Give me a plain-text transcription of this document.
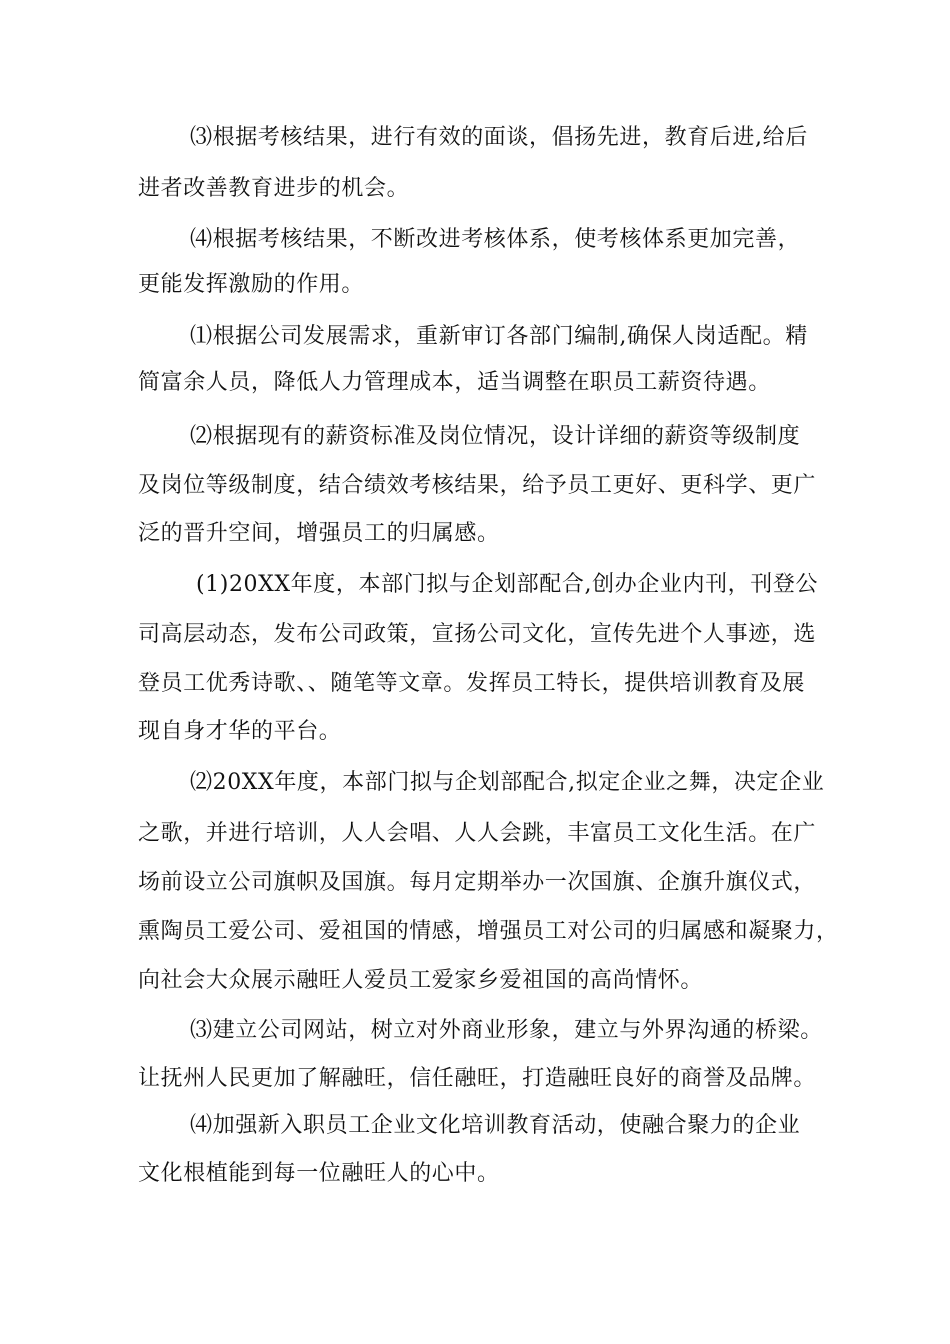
⑶根据考核结果，进行有效的面谈，倡扬先进，教育后进,给后
进者改善教育进步的机会。
⑷根据考核结果，不断改进考核体系，使考核体系更加完善，
更能发挥激励的作用。
⑴根据公司发展需求，重新审订各部门编制,确保人岗适配。精
简富余人员，降低人力管理成本，适当调整在职员工薪资待遇。
⑵根据现有的薪资标准及岗位情况，设计详细的薪资等级制度
及岗位等级制度，结合绩效考核结果，给予员工更好、更科学、更广
泛的晋升空间，增强员工的归属感。
(1)20XX年度，本部门拟与企划部配合,创办企业内刊，刊登公
司高层动态，发布公司政策，宣扬公司文化，宣传先进个人事迹，选
登员工优秀诗歌、、随笔等文章。发挥员工特长，提供培训教育及展
现自身才华的平台。
⑵20XX年度，本部门拟与企划部配合,拟定企业之舞，决定企业
之歌，并进行培训，人人会唱、人人会跳，丰富员工文化生活。在广
场前设立公司旗帜及国旗。每月定期举办一次国旗、企旗升旗仪式，
熏陶员工爱公司、爱祖国的情感，增强员工对公司的归属感和凝聚力，
向社会大众展示融旺人爱员工爱家乡爱祖国的高尚情怀。
⑶建立公司网站，树立对外商业形象，建立与外界沟通的桥梁。
让抚州人民更加了解融旺，信任融旺，打造融旺良好的商誉及品牌。
⑷加强新入职员工企业文化培训教育活动，使融合聚力的企业
文化根植能到每一位融旺人的心中。
